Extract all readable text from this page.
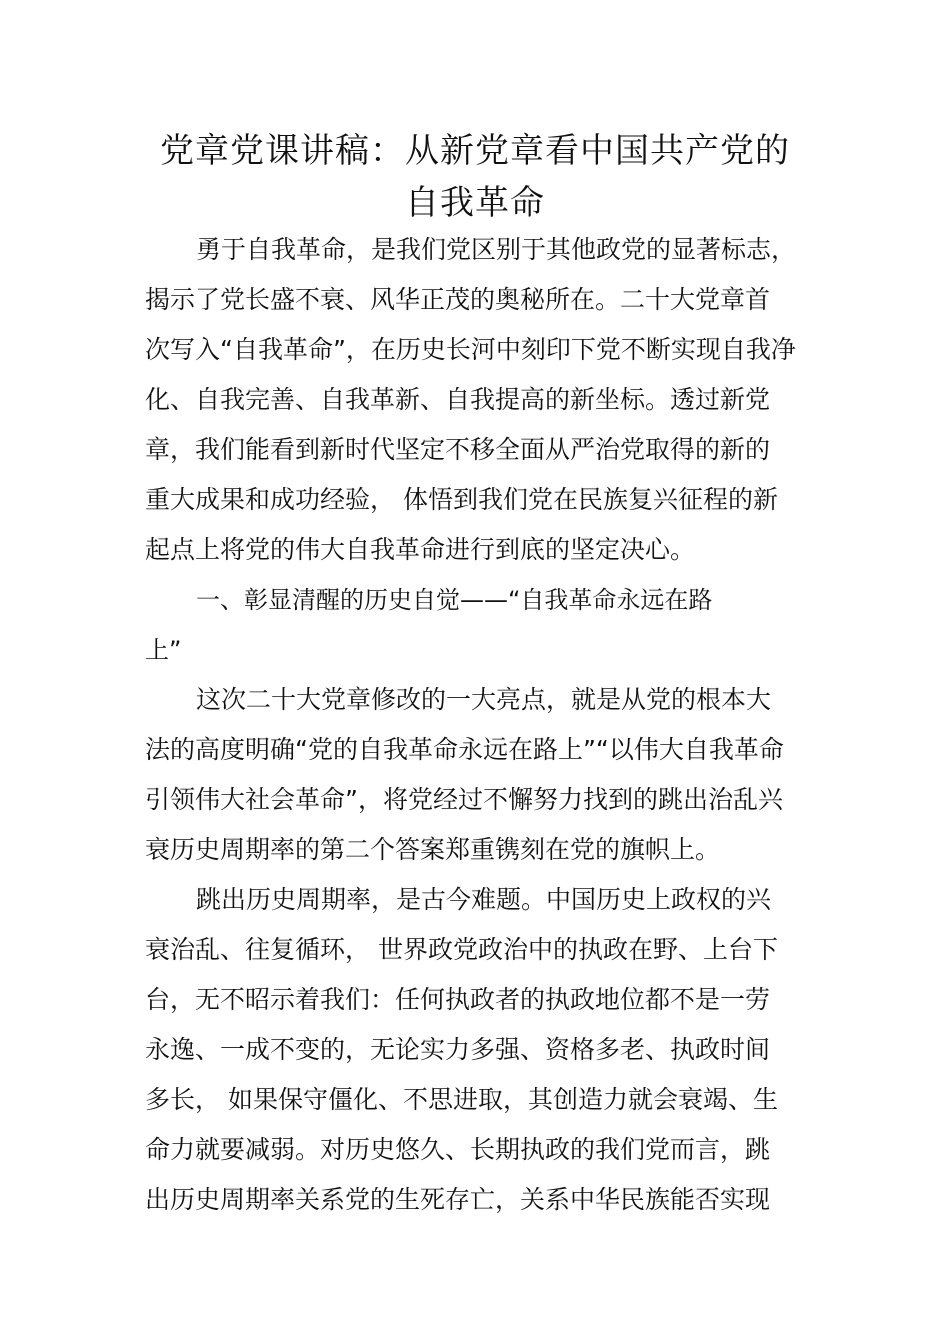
党章党课讲稿：从新党章看中国共产党的
自我革命
勇于自我革命，是我们党区别于其他政党的显著标志，
揭示了党长盛不衰、风华正茂的奥秘所在。二十大党章首
次写入“自我革命”，在历史长河中刻印下党不断实现自我净
化、自我完善、自我革新、自我提高的新坐标。透过新党
章，我们能看到新时代坚定不移全面从严治党取得的新的
重大成果和成功经验， 体悟到我们党在民族复兴征程的新
起点上将党的伟大自我革命进行到底的坚定决心。
一、彰显清醒的历史自觉——“自我革命永远在路
上”
这次二十大党章修改的一大亮点，就是从党的根本大
法的高度明确“党的自我革命永远在路上”“以伟大自我革命
引领伟大社会革命”，将党经过不懈努力找到的跳出治乱兴
衰历史周期率的第二个答案郑重镌刻在党的旗帜上。
跳出历史周期率，是古今难题。中国历史上政权的兴
衰治乱、往复循环， 世界政党政治中的执政在野、上台下
台，无不昭示着我们：任何执政者的执政地位都不是一劳
永逸、一成不变的，无论实力多强、资格多老、执政时间
多长， 如果保守僵化、不思进取，其创造力就会衰竭、生
命力就要减弱。对历史悠久、长期执政的我们党而言，跳
出历史周期率关系党的生死存亡，关系中华民族能否实现
